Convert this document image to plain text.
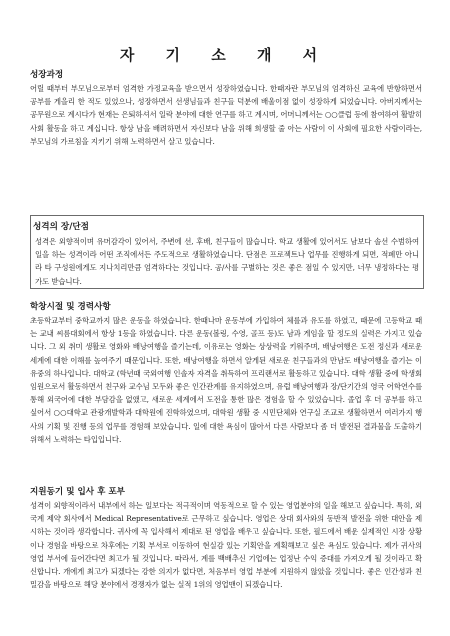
자 기 소 개 서
성장과정

어릴 때부터 부모님으로부터 엄격한 가정교육을 받으면서 성장하였습니다. 한때자란 부모님의 엄격하신 교육에 반항하면서 공부를 게을리 한 적도 있었으나, 성장하면서 선생님들과 친구들 덕분에 배울이점 없이 성장하게 되었습니다. 아버지께서는 공무원으로 계시다가 현재는 은퇴하셔서 일락 분야에 대한 연구를 하고 계시며, 어머니께서는 ○○클럽 등에 참여하여 활발히 사회 활동을 하고 계십니다. 항상 남을 배려하면서 자신보다 남을 위해 희생할 줄 아는 사람이 이 사회에 필요한 사람이라는, 부모님의 가르침을 지키기 위해 노력하면서 살고 있습니다.

성격의 장/단점

성격은 외향적이며 유머감각이 있어서, 주변에 선, 후배, 친구들이 많습니다. 학교 생활에 있어서도 남보다 솔선 수범하여 일을 하는 성격이라 어떤 조직에서든 주도적으로 생활하였습니다. 단점은 프로젝트나 업무를 진행하게 되면, 적폐만 아니라 타 구성원에게도 지나치리만큼 엄격하다는 것입니다. 공/사를 구별하는 것은 좋은 점일 수 있지만, 너무 냉정하다는 평가도 받습니다.

학창시절 및 경력사항

초등학교부터 중학교까지 많은 운동을 하였습니다. 한때나마 운동부에 가입하여 체를과 유도를 하였고, 때문에 고등학교 때는 교내 씨름대회에서 항상 1등을 하였습니다. 다른 운동(볼링, 수영, 골프 등)도 남과 게임을 할 정도의 실력은 가지고 있습니다. 그 외 취미 생활로 영화와 배낭여행을 즐기는데, 이유로는 영화는 상상력을 키워주며, 배낭여행은 도전 정신과 새로운 세계에 대한 이해를 높여주기 때문입니다. 또한, 배낭여행을 하면서 알게된 새로운 친구들과의 만남도 배낭여행을 즐기는 이유중의 하나입니다. 대학교 (학년때 국외여행 인솔자 자격을 취득하여 프리랜서로 활동하고 있습니다. 대학 생활 중에 학생회 임원으로서 활동하면서 친구와 교수님 모두와 좋은 인간관계를 유지하였으며, 유럽 배낭여행과 장/단기간의 영국 어학연수를 통해 외국어에 대한 부담감을 없앴고, 새로운 세계에서 도전을 통한 많은 경험을 할 수 있었습니다. 졸업 후 더 공부를 하고 싶어서 ○○대학교 관광개발학과 대학원에 진학하였으며, 대학원 생활 중 시민단체와 연구실 조교로 생활하면서 여러가지 행사의 기획 및 진행 등의 업무를 경험해 보았습니다. 일에 대한 욕심이 많아서 다른 사람보다 좀 더 발전된 결과물을 도출하기 위해서 노력하는 타입입니다.

지원동기 및 입사 후 포부

성격이 외향적이라서 내부에서 하는 일보다는 적극적이며 역동적으로 할 수 있는 영업분야의 일을 해보고 싶습니다. 특히, 외국계 제약 회사에서 Medical Representative로 근무하고 싶습니다. 영업은 상대 회사와의 동반적 발전을 위한 대안을 제시하는 것이라 생각합니다. 귀사에 꼭 입사해서 제대로 된 영업을 배우고 싶습니다. 또한, 필드에서 배운 실제적인 시장 상황이나 경험을 바탕으로 차후에는 기획 부서로 이동하여 현실감 있는 기획안을 계획해보고 싶은 욕심도 있습니다. 제가 귀사의 영업 부서에 들어간다면 최고가 될 것입니다. 따라서, 계를 백배추신 기업에는 업정난 수익 증대를 가져오게 될 것이라고 확신합니다. 개에게 최고가 되겠다는 강한 의지가 없다면, 처음부터 영업 부분에 지원하지 않았을 것입니다. 좋은 인간성과 친밀감을 바탕으로 해당 분야에서 경쟁자가 없는 실적 1위의 영업맨이 되겠습니다.
